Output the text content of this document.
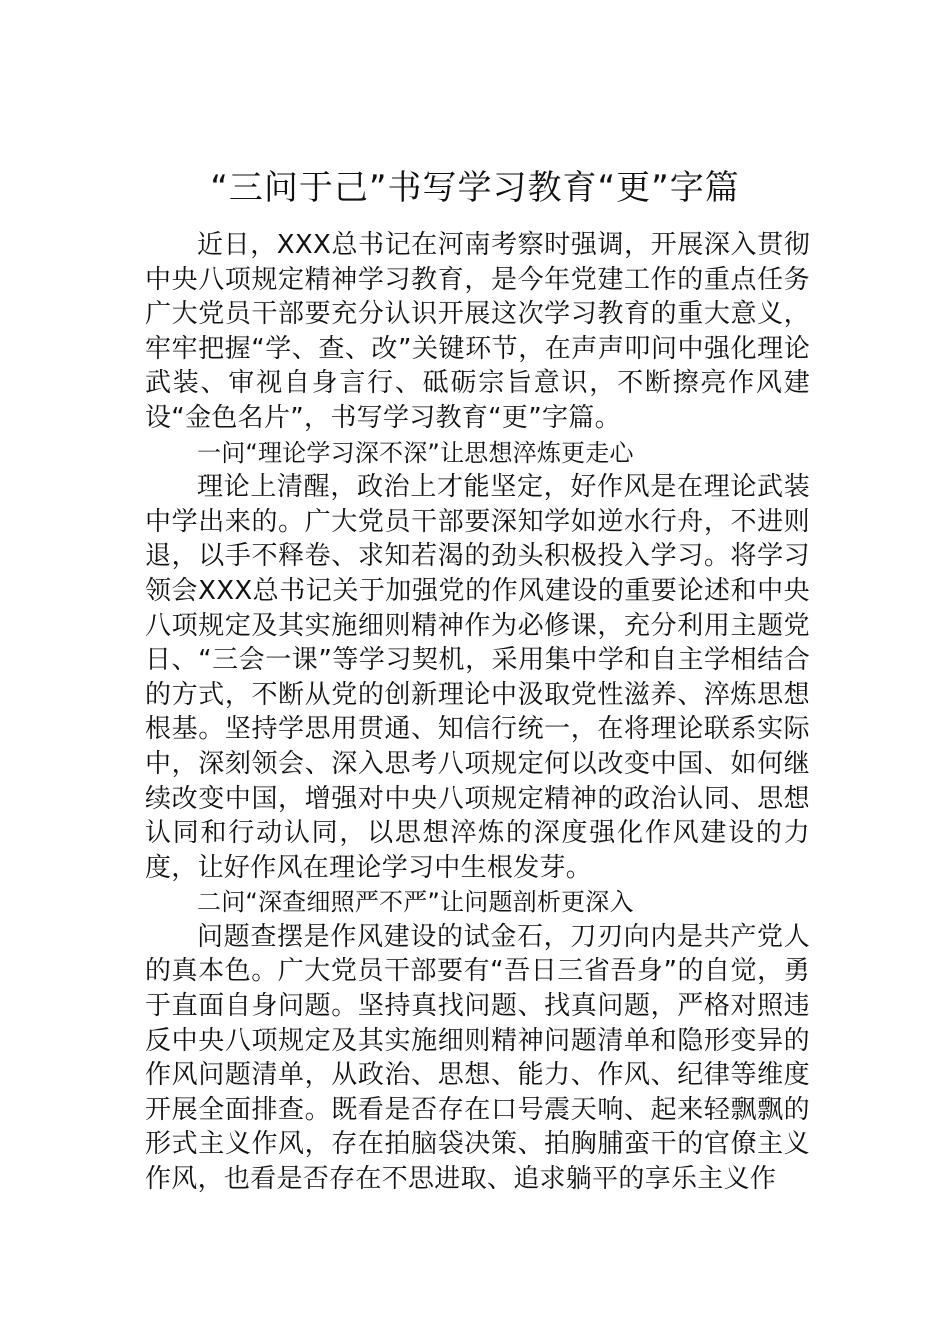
“三问于己”书写学习教育“更”字篇

近日，XXX总书记在河南考察时强调，开展深入贯彻中央八项规定精神学习教育，是今年党建工作的重点任务广大党员干部要充分认识开展这次学习教育的重大意义，牢牢把握“学、查、改”关键环节，在声声叩问中强化理论武装、审视自身言行、砥砺宗旨意识，不断擦亮作风建设“金色名片”，书写学习教育“更”字篇。

一问“理论学习深不深”让思想淬炼更走心

理论上清醒，政治上才能坚定，好作风是在理论武装中学出来的。广大党员干部要深知学如逆水行舟，不进则退，以手不释卷、求知若渴的劲头积极投入学习。将学习领会XXX总书记关于加强党的作风建设的重要论述和中央八项规定及其实施细则精神作为必修课，充分利用主题党日、“三会一课”等学习契机，采用集中学和自主学相结合的方式，不断从党的创新理论中汲取党性滋养、淬炼思想根基。坚持学思用贯通、知信行统一，在将理论联系实际中，深刻领会、深入思考八项规定何以改变中国、如何继续改变中国，增强对中央八项规定精神的政治认同、思想认同和行动认同，以思想淬炼的深度强化作风建设的力度，让好作风在理论学习中生根发芽。

二问“深查细照严不严”让问题剖析更深入

问题查摆是作风建设的试金石，刀刃向内是共产党人的真本色。广大党员干部要有“吾日三省吾身”的自觉，勇于直面自身问题。坚持真找问题、找真问题，严格对照违反中央八项规定及其实施细则精神问题清单和隐形变异的作风问题清单，从政治、思想、能力、作风、纪律等维度开展全面排查。既看是否存在口号震天响、起来轻飘飘的形式主义作风，存在拍脑袋决策、拍胸脯蛮干的官僚主义作风，也看是否存在不思进取、追求躺平的享乐主义作
